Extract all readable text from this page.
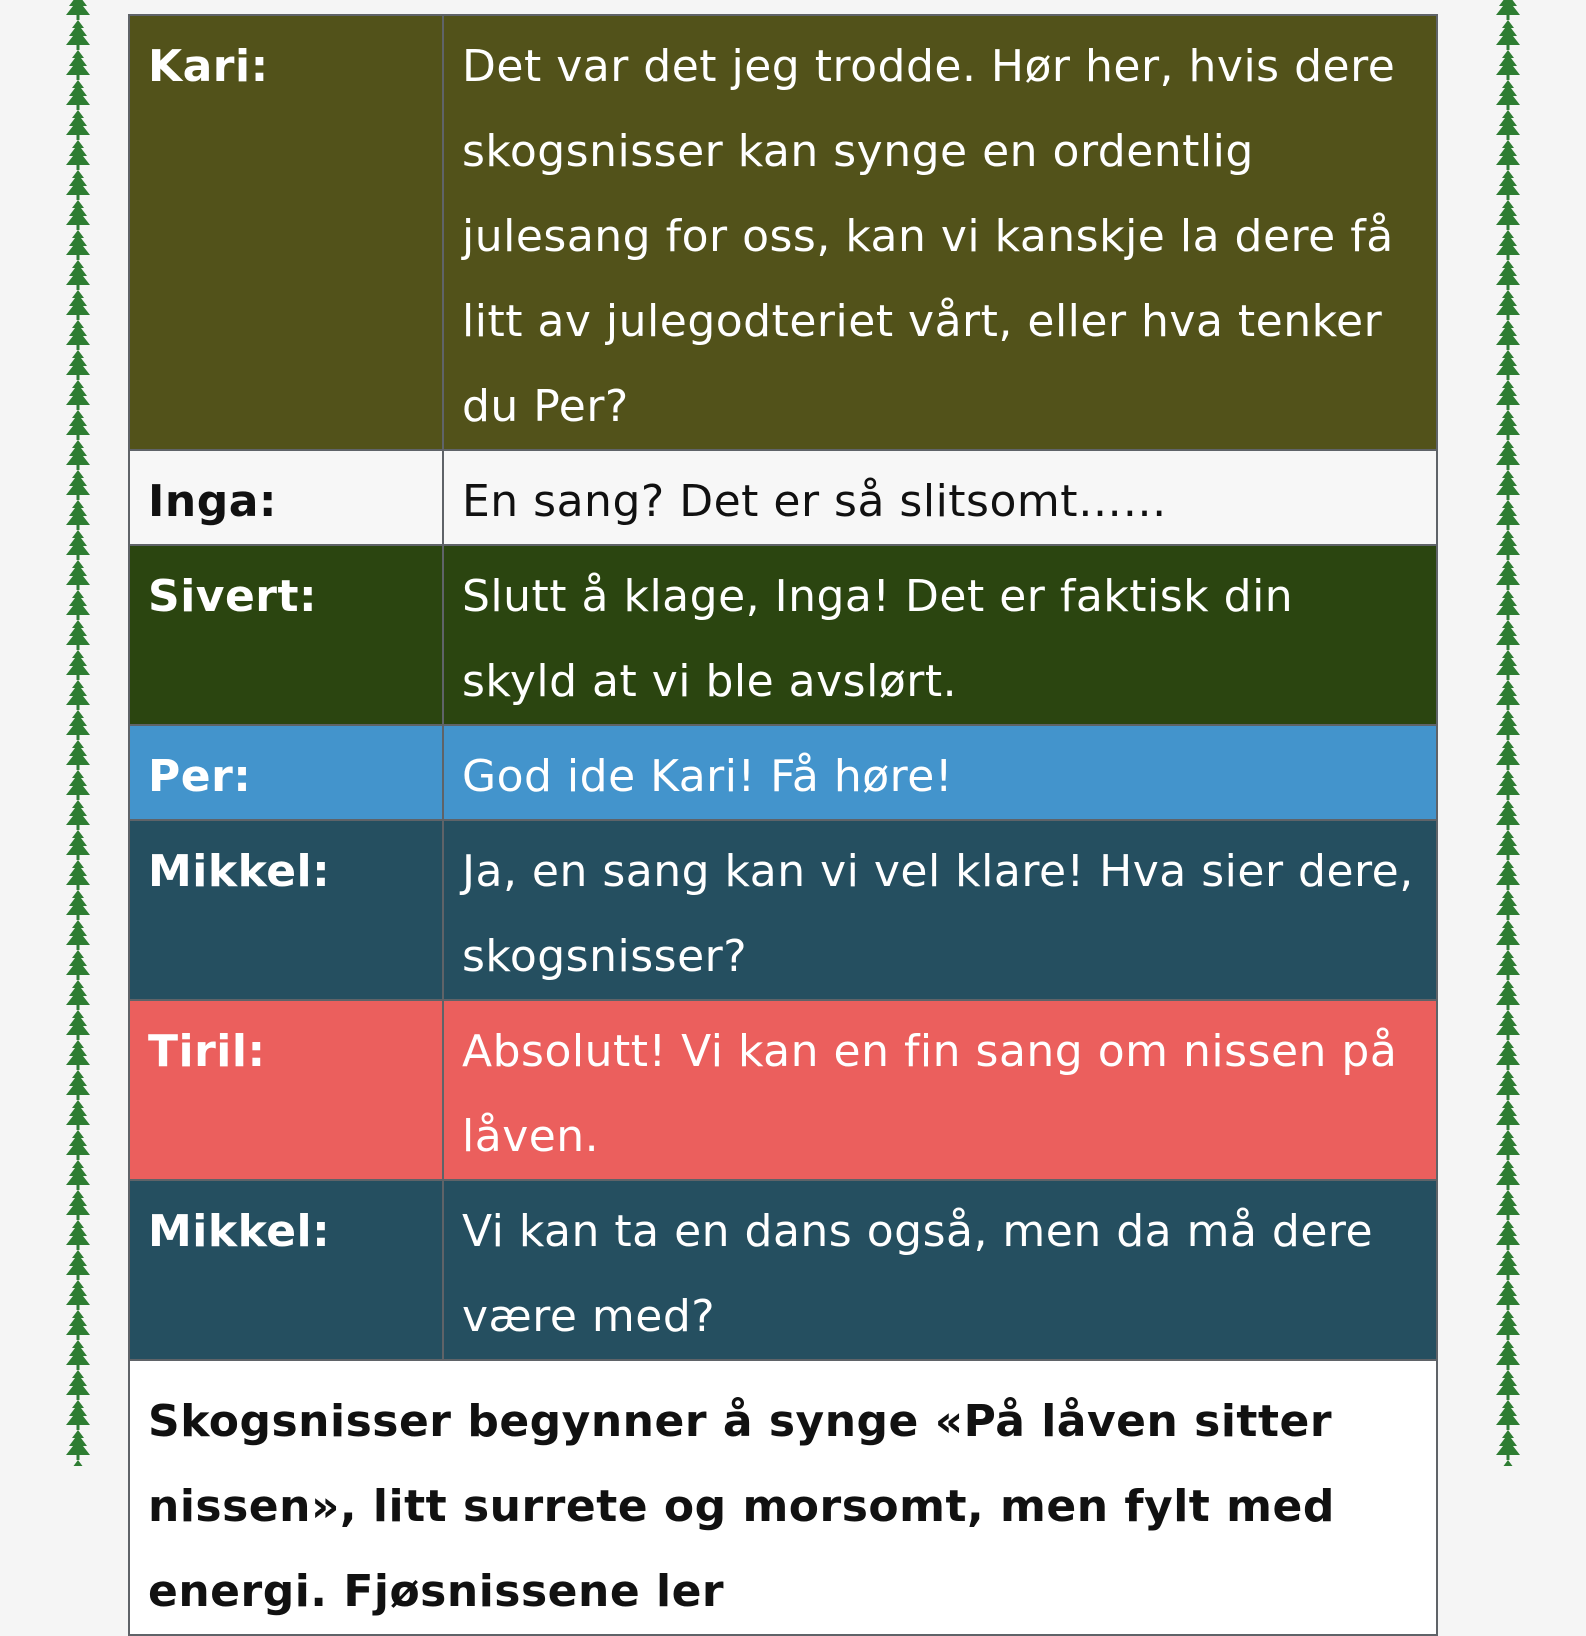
Kari:	Det var det jeg trodde. Hør her, hvis dere skogsnisser kan synge en ordentlig julesang for oss, kan vi kanskje la dere få litt av julegodteriet vårt, eller hva tenker du Per?
Inga:	En sang? Det er så slitsomt……
Sivert:	Slutt å klage, Inga! Det er faktisk din skyld at vi ble avslørt.
Per:	God ide Kari! Få høre!
Mikkel:	Ja, en sang kan vi vel klare! Hva sier dere, skogsnisser?
Tiril:	Absolutt! Vi kan en fin sang om nissen på låven.
Mikkel:	Vi kan ta en dans også, men da må dere være med?
Skogsnisser begynner å synge «På låven sitter nissen», litt surrete og morsomt, men fylt med energi. Fjøsnissene ler	
